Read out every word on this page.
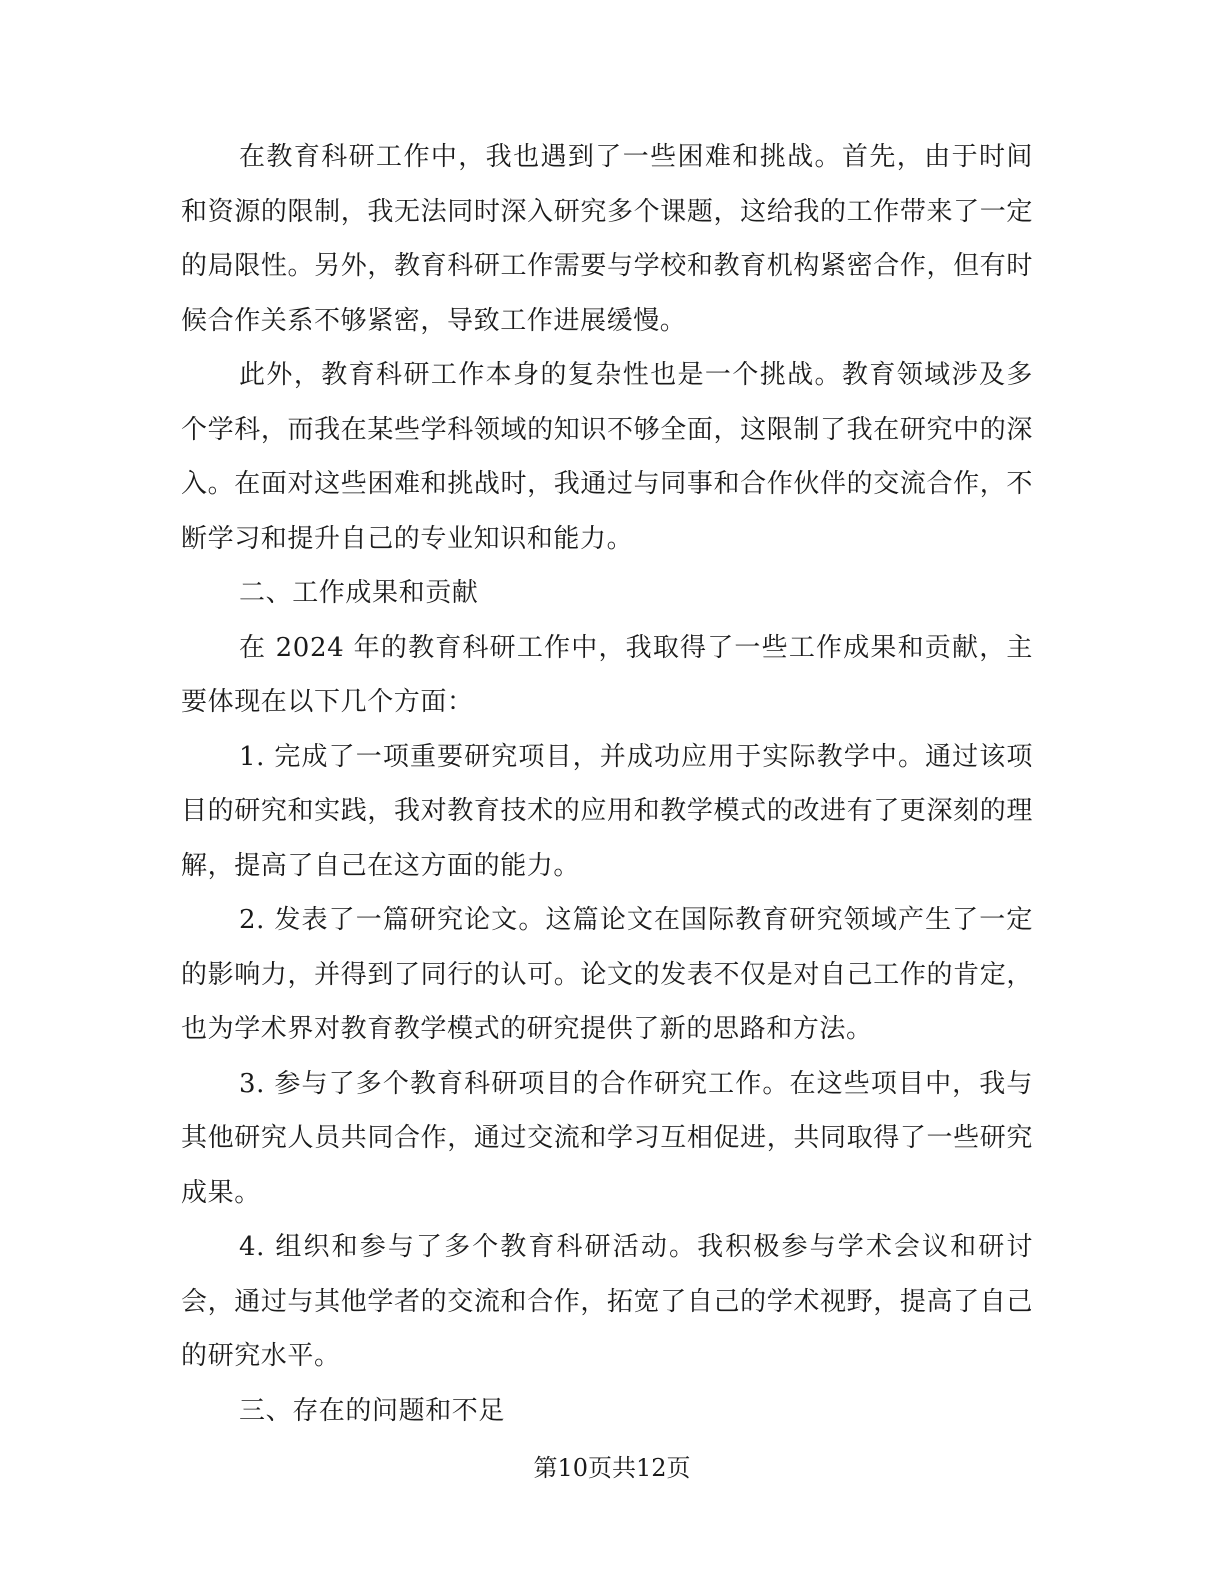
在教育科研工作中，我也遇到了一些困难和挑战。首先，由于时间和资源的限制，我无法同时深入研究多个课题，这给我的工作带来了一定的局限性。另外，教育科研工作需要与学校和教育机构紧密合作，但有时候合作关系不够紧密，导致工作进展缓慢。

此外，教育科研工作本身的复杂性也是一个挑战。教育领域涉及多个学科，而我在某些学科领域的知识不够全面，这限制了我在研究中的深入。在面对这些困难和挑战时，我通过与同事和合作伙伴的交流合作，不断学习和提升自己的专业知识和能力。

二、工作成果和贡献

在 2024 年的教育科研工作中，我取得了一些工作成果和贡献，主要体现在以下几个方面：

1. 完成了一项重要研究项目，并成功应用于实际教学中。通过该项目的研究和实践，我对教育技术的应用和教学模式的改进有了更深刻的理解，提高了自己在这方面的能力。

2. 发表了一篇研究论文。这篇论文在国际教育研究领域产生了一定的影响力，并得到了同行的认可。论文的发表不仅是对自己工作的肯定，也为学术界对教育教学模式的研究提供了新的思路和方法。

3. 参与了多个教育科研项目的合作研究工作。在这些项目中，我与其他研究人员共同合作，通过交流和学习互相促进，共同取得了一些研究成果。

4. 组织和参与了多个教育科研活动。我积极参与学术会议和研讨会，通过与其他学者的交流和合作，拓宽了自己的学术视野，提高了自己的研究水平。

三、存在的问题和不足

第10页共12页
